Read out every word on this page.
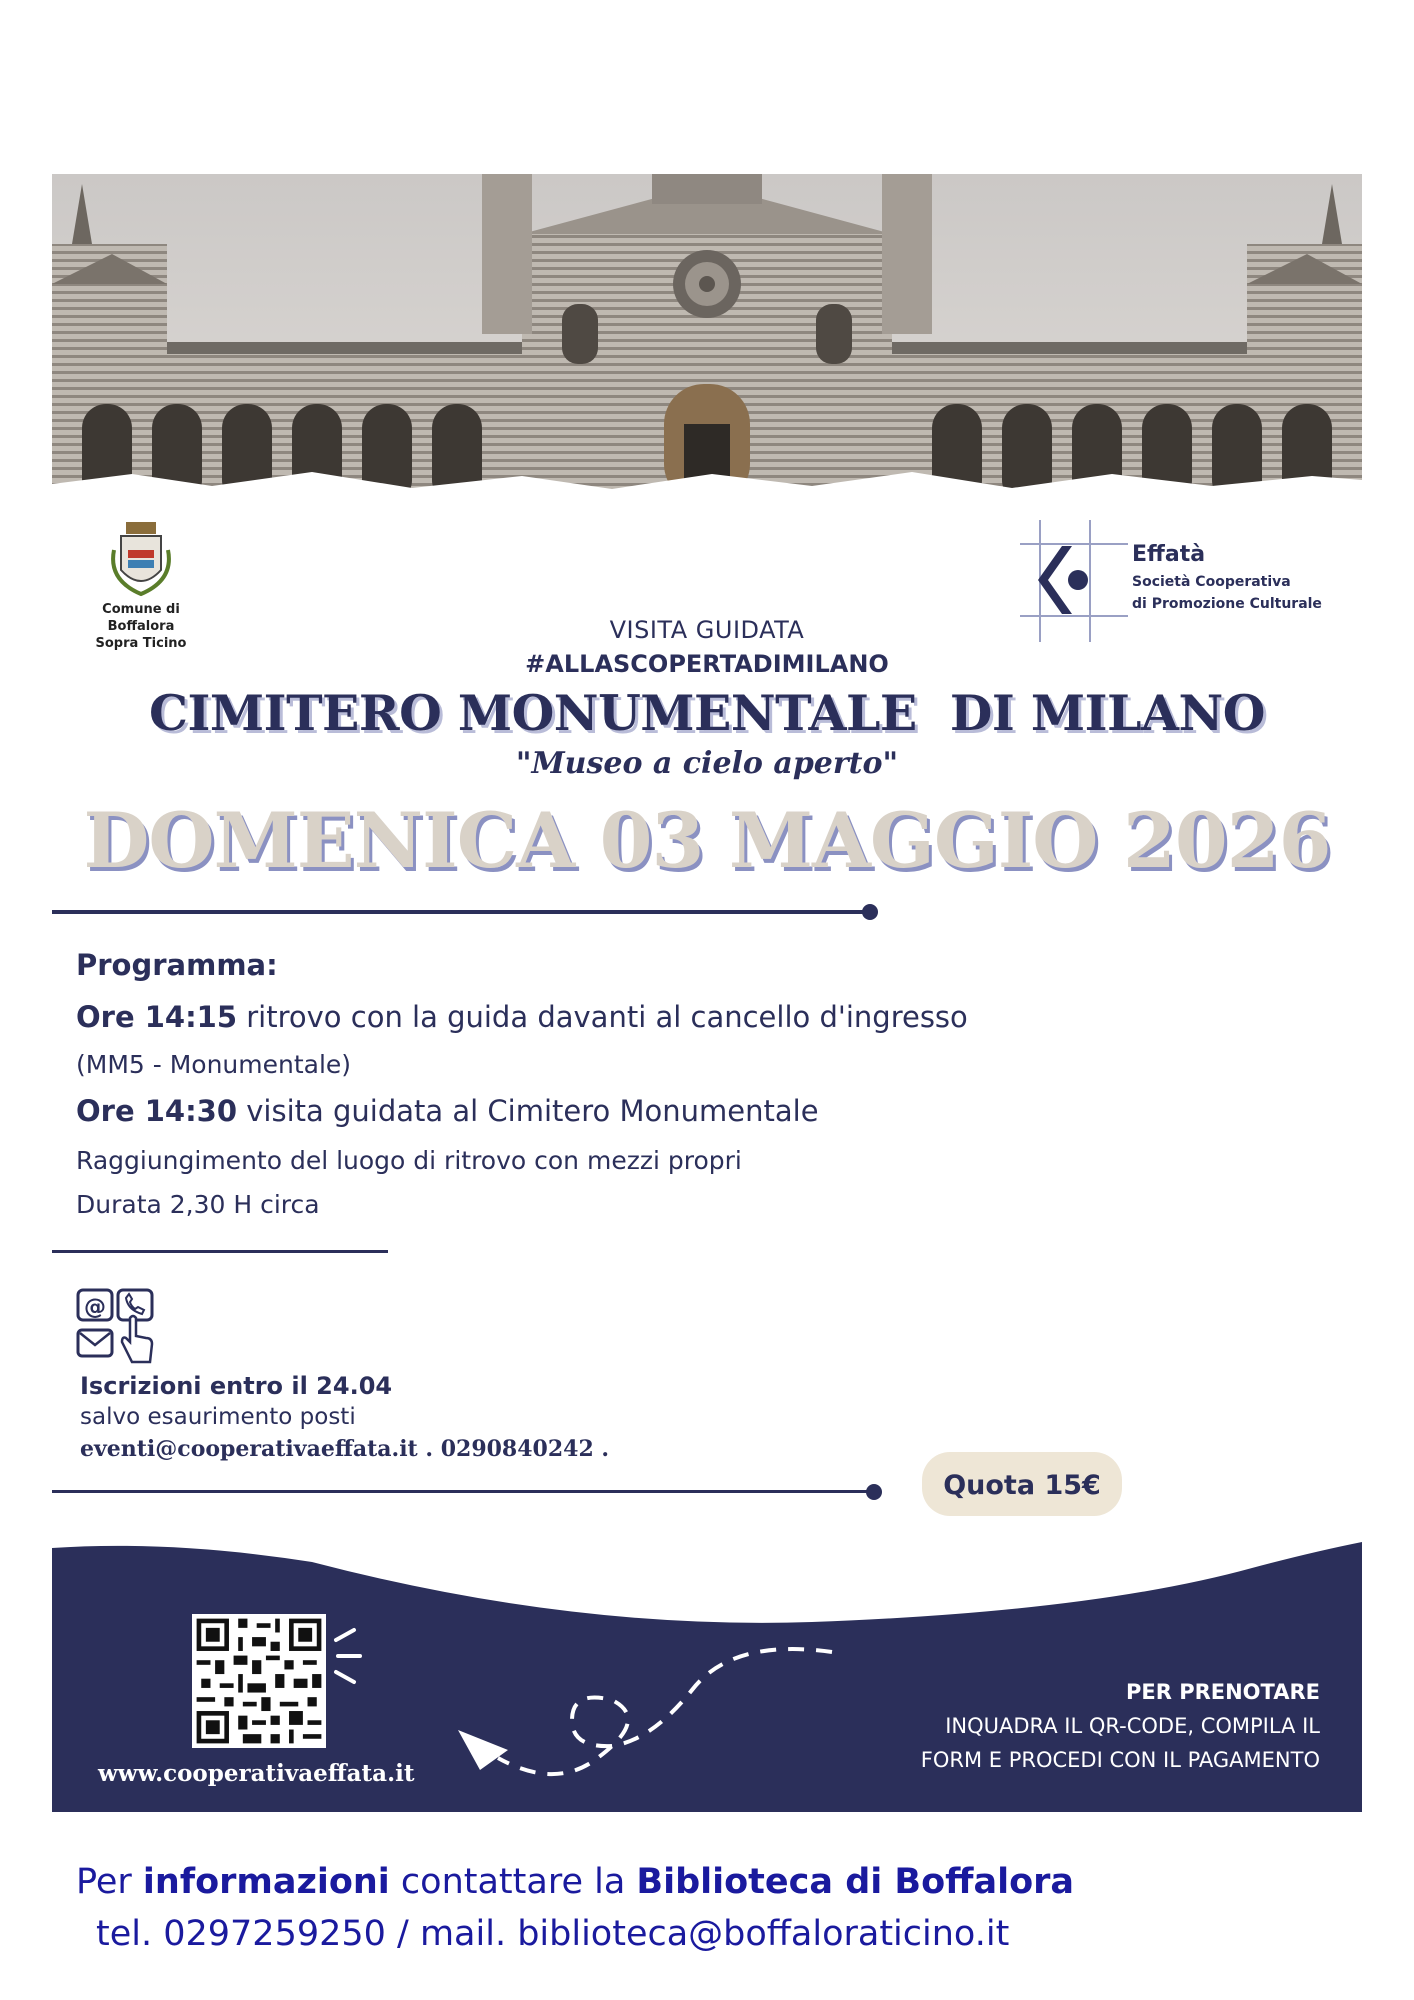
Comune di
Boffalora
Sopra Ticino
Effatà
Società Cooperativa
di Promozione Culturale
VISITA GUIDATA
#ALLASCOPERTADIMILANO
CIMITERO MONUMENTALE  DI MILANO
"Museo a cielo aperto"
DOMENICA 03 MAGGIO 2026
Programma:
Ore 14:15 ritrovo con la guida davanti al cancello d'ingresso
(MM5 - Monumentale)
Ore 14:30 visita guidata al Cimitero Monumentale
Raggiungimento del luogo di ritrovo con mezzi propri
Durata 2,30 H circa
@
Iscrizioni entro il 24.04
salvo esaurimento posti
eventi@cooperativaeffata.it . 0290840242 .
Quota 15€
www.cooperativaeffata.it
PER PRENOTARE
INQUADRA IL QR-CODE, COMPILA IL
FORM E PROCEDI CON IL PAGAMENTO
Per informazioni contattare la Biblioteca di Boffalora
tel. 0297259250 / mail. biblioteca@boffaloraticino.it
